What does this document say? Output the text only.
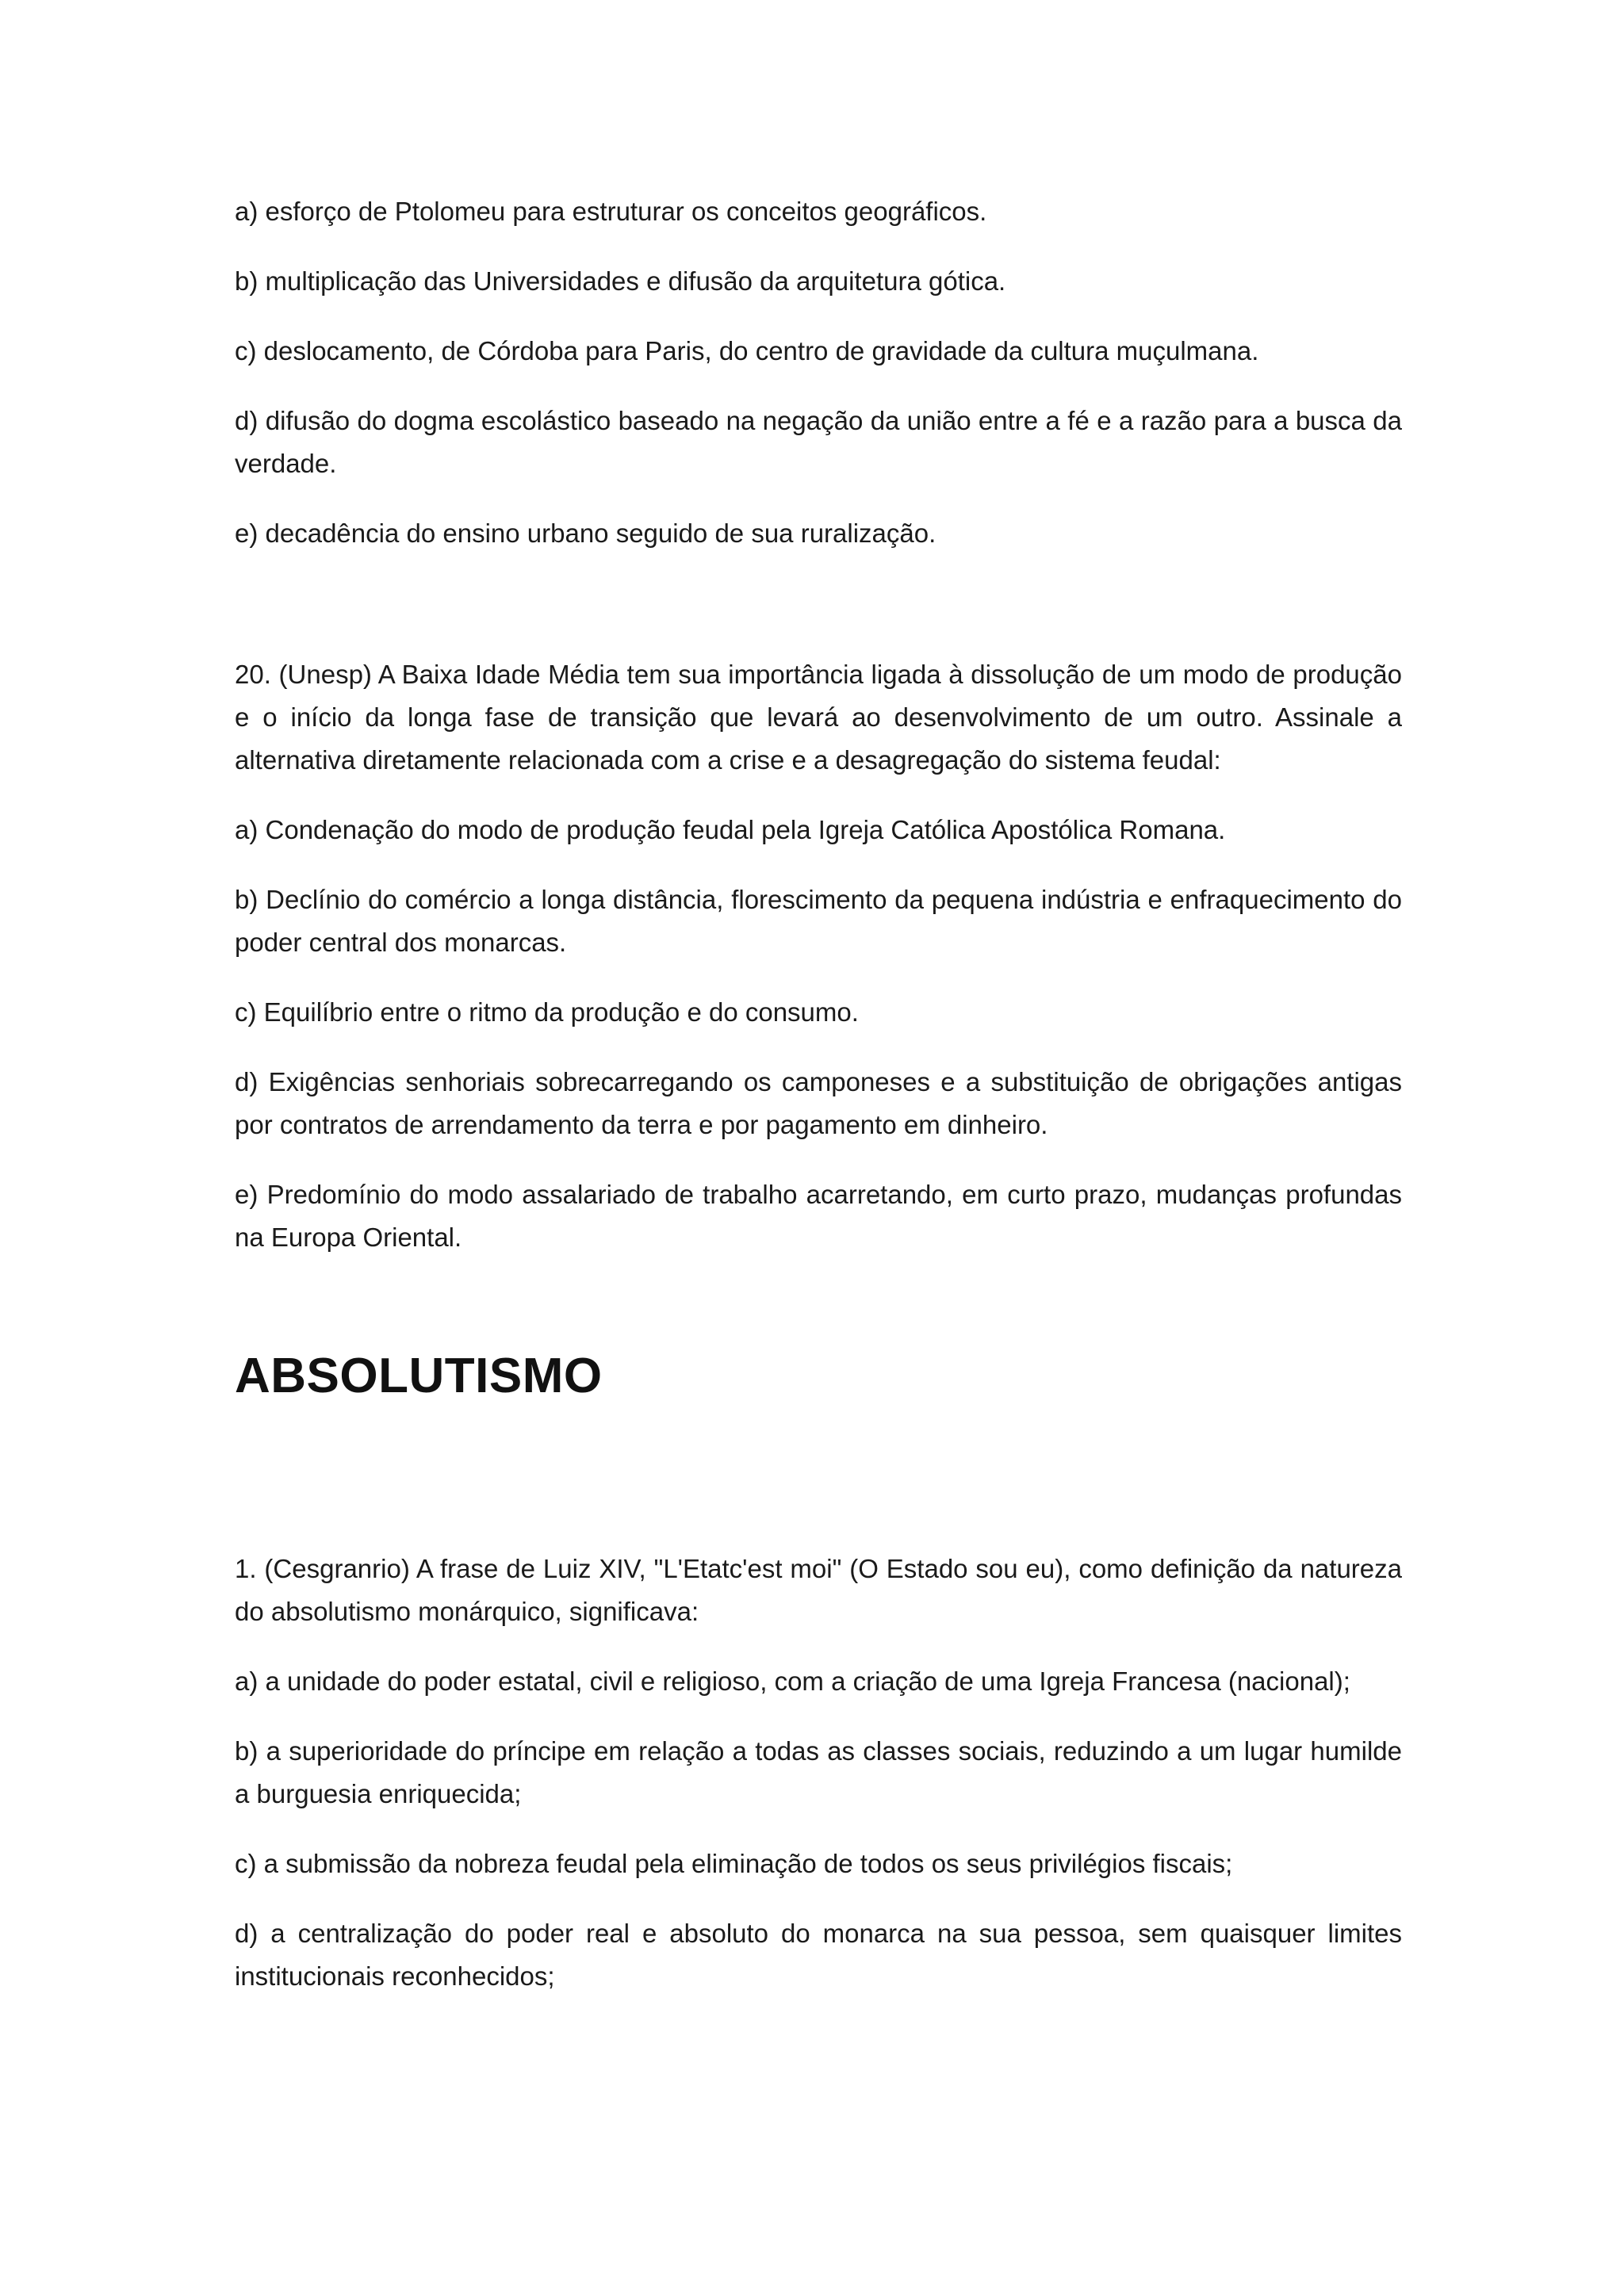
a) esforço de Ptolomeu para estruturar os conceitos geográficos.

b) multiplicação das Universidades e difusão da arquitetura gótica.

c) deslocamento, de Córdoba para Paris, do centro de gravidade da cultura muçulmana.

d) difusão do dogma escolástico baseado na negação da união entre a fé e a razão para a busca da verdade.

e) decadência do ensino urbano seguido de sua ruralização.

20. (Unesp) A Baixa Idade Média tem sua importância ligada à dissolução de um modo de produção e o início da longa fase de transição que levará ao desenvolvimento de um outro. Assinale a alternativa diretamente relacionada com a crise e a desagregação do sistema feudal:

a) Condenação do modo de produção feudal pela Igreja Católica Apostólica Romana.

b) Declínio do comércio a longa distância, florescimento da pequena indústria e enfraquecimento do poder central dos monarcas.

c) Equilíbrio entre o ritmo da produção e do consumo.

d) Exigências senhoriais sobrecarregando os camponeses e a substituição de obrigações antigas por contratos de arrendamento da terra e por pagamento em dinheiro.

e) Predomínio do modo assalariado de trabalho acarretando, em curto prazo, mudanças profundas na Europa Oriental.

ABSOLUTISMO

1. (Cesgranrio) A frase de Luiz XIV, "L'Etatc'est moi" (O Estado sou eu), como definição da natureza do absolutismo monárquico, significava:

a) a unidade do poder estatal, civil e religioso, com a criação de uma Igreja Francesa (nacional);

b) a superioridade do príncipe em relação a todas as classes sociais, reduzindo a um lugar humilde a burguesia enriquecida;

c) a submissão da nobreza feudal pela eliminação de todos os seus privilégios fiscais;

d) a centralização do poder real e absoluto do monarca na sua pessoa, sem quaisquer limites institucionais reconhecidos;
